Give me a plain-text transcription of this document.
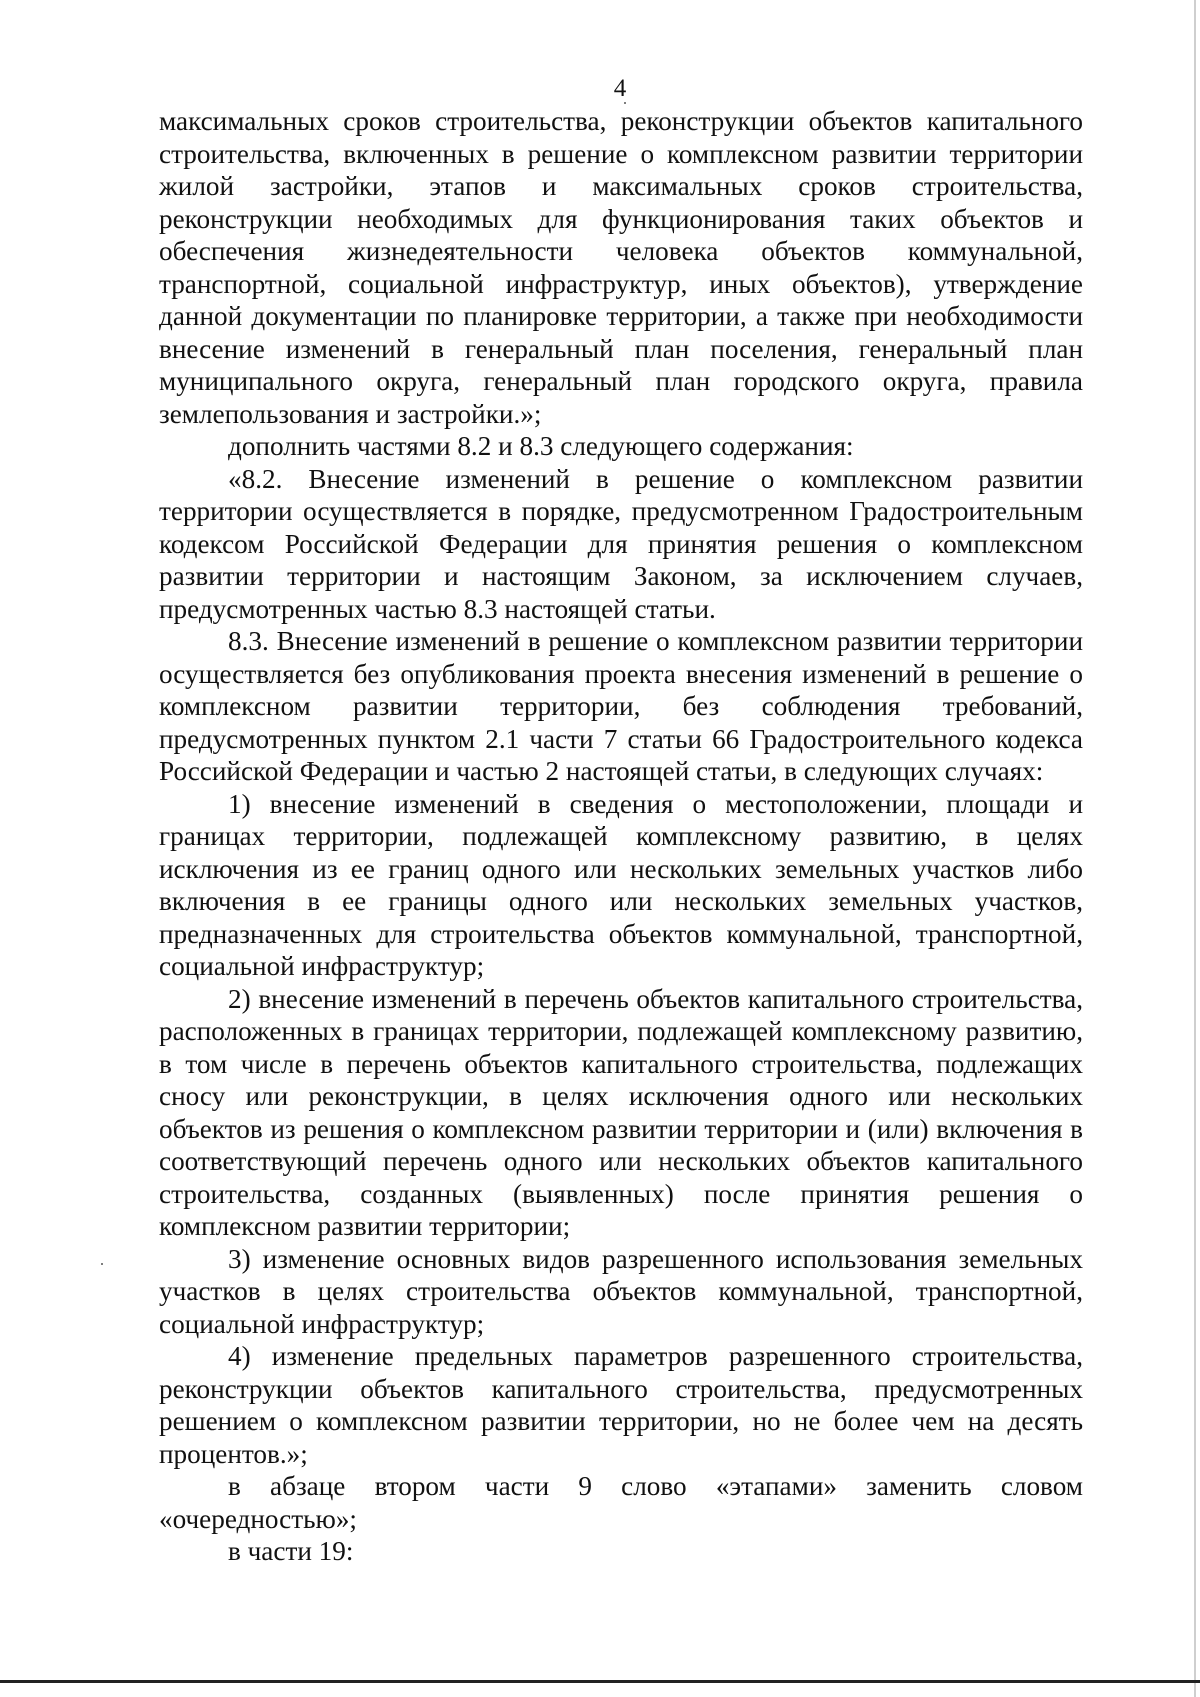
4

максимальных сроков строительства, реконструкции объектов капитального строительства, включенных в решение о комплексном развитии территории жилой застройки, этапов и максимальных сроков строительства, реконструкции необходимых для функционирования таких объектов и обеспечения жизнедеятельности человека объектов коммунальной, транспортной, социальной инфраструктур, иных объектов), утверждение данной документации по планировке территории, а также при необходимости внесение изменений в генеральный план поселения, генеральный план муниципального округа, генеральный план городского округа, правила землепользования и застройки.»;

дополнить частями 8.2 и 8.3 следующего содержания:

«8.2. Внесение изменений в решение о комплексном развитии территории осуществляется в порядке, предусмотренном Градостроительным кодексом Российской Федерации для принятия решения о комплексном развитии территории и настоящим Законом, за исключением случаев, предусмотренных частью 8.3 настоящей статьи.

8.3. Внесение изменений в решение о комплексном развитии территории осуществляется без опубликования проекта внесения изменений в решение о комплексном развитии территории, без соблюдения требований, предусмотренных пунктом 2.1 части 7 статьи 66 Градостроительного кодекса Российской Федерации и частью 2 настоящей статьи, в следующих случаях:

1) внесение изменений в сведения о местоположении, площади и границах территории, подлежащей комплексному развитию, в целях исключения из ее границ одного или нескольких земельных участков либо включения в ее границы одного или нескольких земельных участков, предназначенных для строительства объектов коммунальной, транспортной, социальной инфраструктур;

2) внесение изменений в перечень объектов капитального строительства, расположенных в границах территории, подлежащей комплексному развитию, в том числе в перечень объектов капитального строительства, подлежащих сносу или реконструкции, в целях исключения одного или нескольких объектов из решения о комплексном развитии территории и (или) включения в соответствующий перечень одного или нескольких объектов капитального строительства, созданных (выявленных) после принятия решения о комплексном развитии территории;

3) изменение основных видов разрешенного использования земельных участков в целях строительства объектов коммунальной, транспортной, социальной инфраструктур;

4) изменение предельных параметров разрешенного строительства, реконструкции объектов капитального строительства, предусмотренных решением о комплексном развитии территории, но не более чем на десять процентов.»;

в абзаце втором части 9 слово «этапами» заменить словом «очередностью»;

в части 19:
